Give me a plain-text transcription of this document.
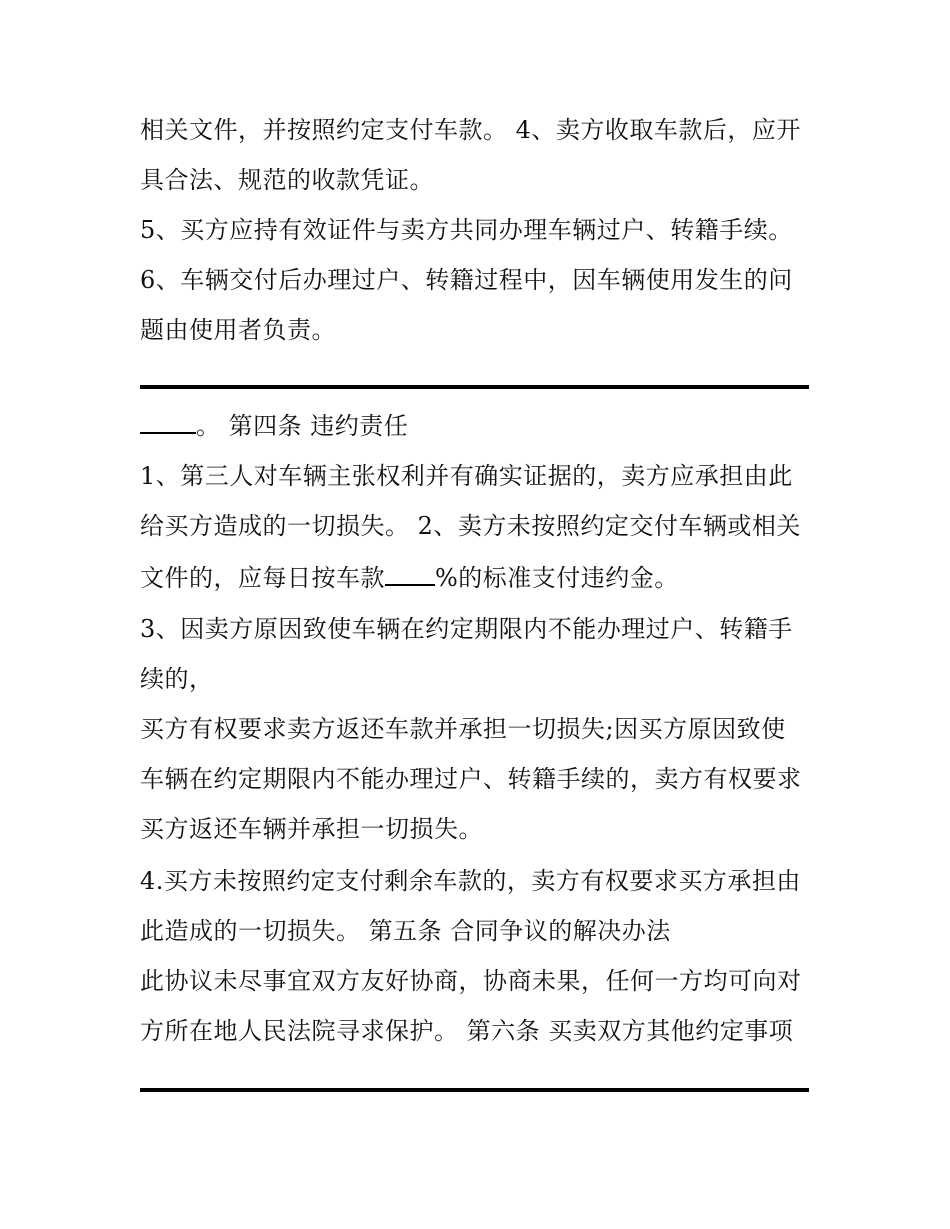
相关文件，并按照约定支付车款。 4、卖方收取车款后，应开
具合法、规范的收款凭证。
5、买方应持有效证件与卖方共同办理车辆过户、转籍手续。
6、车辆交付后办理过户、转籍过程中，因车辆使用发生的问
题由使用者负责。
。 第四条 违约责任
1、第三人对车辆主张权利并有确实证据的，卖方应承担由此
给买方造成的一切损失。 2、卖方未按照约定交付车辆或相关
文件的，应每日按车款 %的标准支付违约金。
3、因卖方原因致使车辆在约定期限内不能办理过户、转籍手
续的，
买方有权要求卖方返还车款并承担一切损失;因买方原因致使
车辆在约定期限内不能办理过户、转籍手续的，卖方有权要求
买方返还车辆并承担一切损失。
4.买方未按照约定支付剩余车款的，卖方有权要求买方承担由
此造成的一切损失。 第五条 合同争议的解决办法
此协议未尽事宜双方友好协商，协商未果，任何一方均可向对
方所在地人民法院寻求保护。 第六条 买卖双方其他约定事项
